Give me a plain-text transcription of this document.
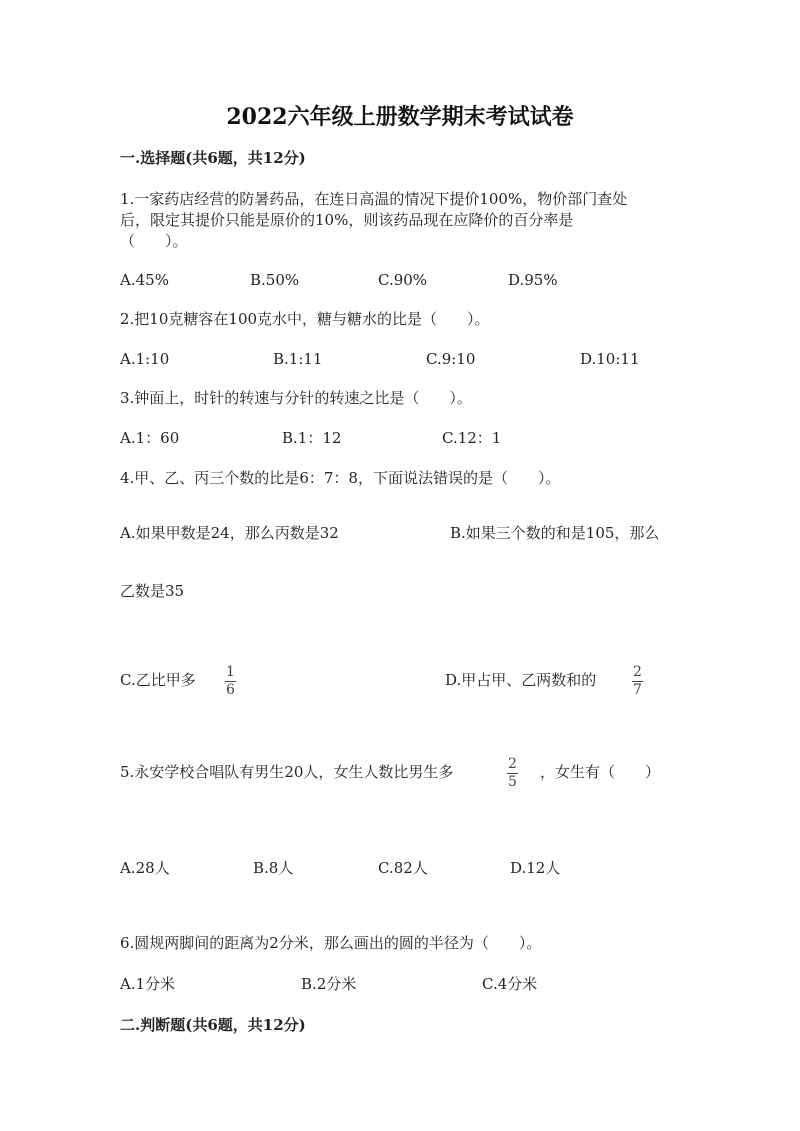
2022六年级上册数学期末考试试卷
一.选择题(共6题，共12分)
1.一家药店经营的防暑药品，在连日高温的情况下提价100%，物价部门查处
后，限定其提价只能是原价的10%，则该药品现在应降价的百分率是
（　　）。
A.45%	B.50%	C.90%	D.95%
2.把10克糖容在100克水中，糖与糖水的比是（　　）。
A.1:10	B.1:11	C.9:10	D.10:11
3.钟面上，时针的转速与分针的转速之比是（　　）。
A.1：60	B.1：12	C.12：1
4.甲、乙、丙三个数的比是6：7：8，下面说法错误的是（　　）。
A.如果甲数是24，那么丙数是32	B.如果三个数的和是105，那么
乙数是35
C.乙比甲多 1
6
D.甲占甲、乙两数和的	2
7
5.永安学校合唱队有男生20人，女生人数比男生多	2
5
，女生有（　　）
A.28人	B.8人	C.82人	D.12人
6.圆规两脚间的距离为2分米，那么画出的圆的半径为（　　）。
A.1分米	B.2分米	C.4分米
二.判断题(共6题，共12分)
